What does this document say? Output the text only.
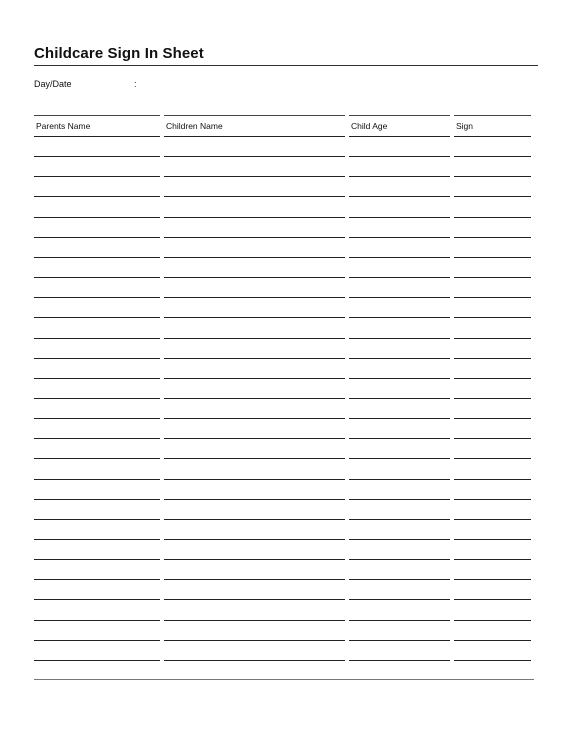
Childcare Sign In Sheet
Day/Date	:
Parents Name	Children Name	Child Age	Sign
